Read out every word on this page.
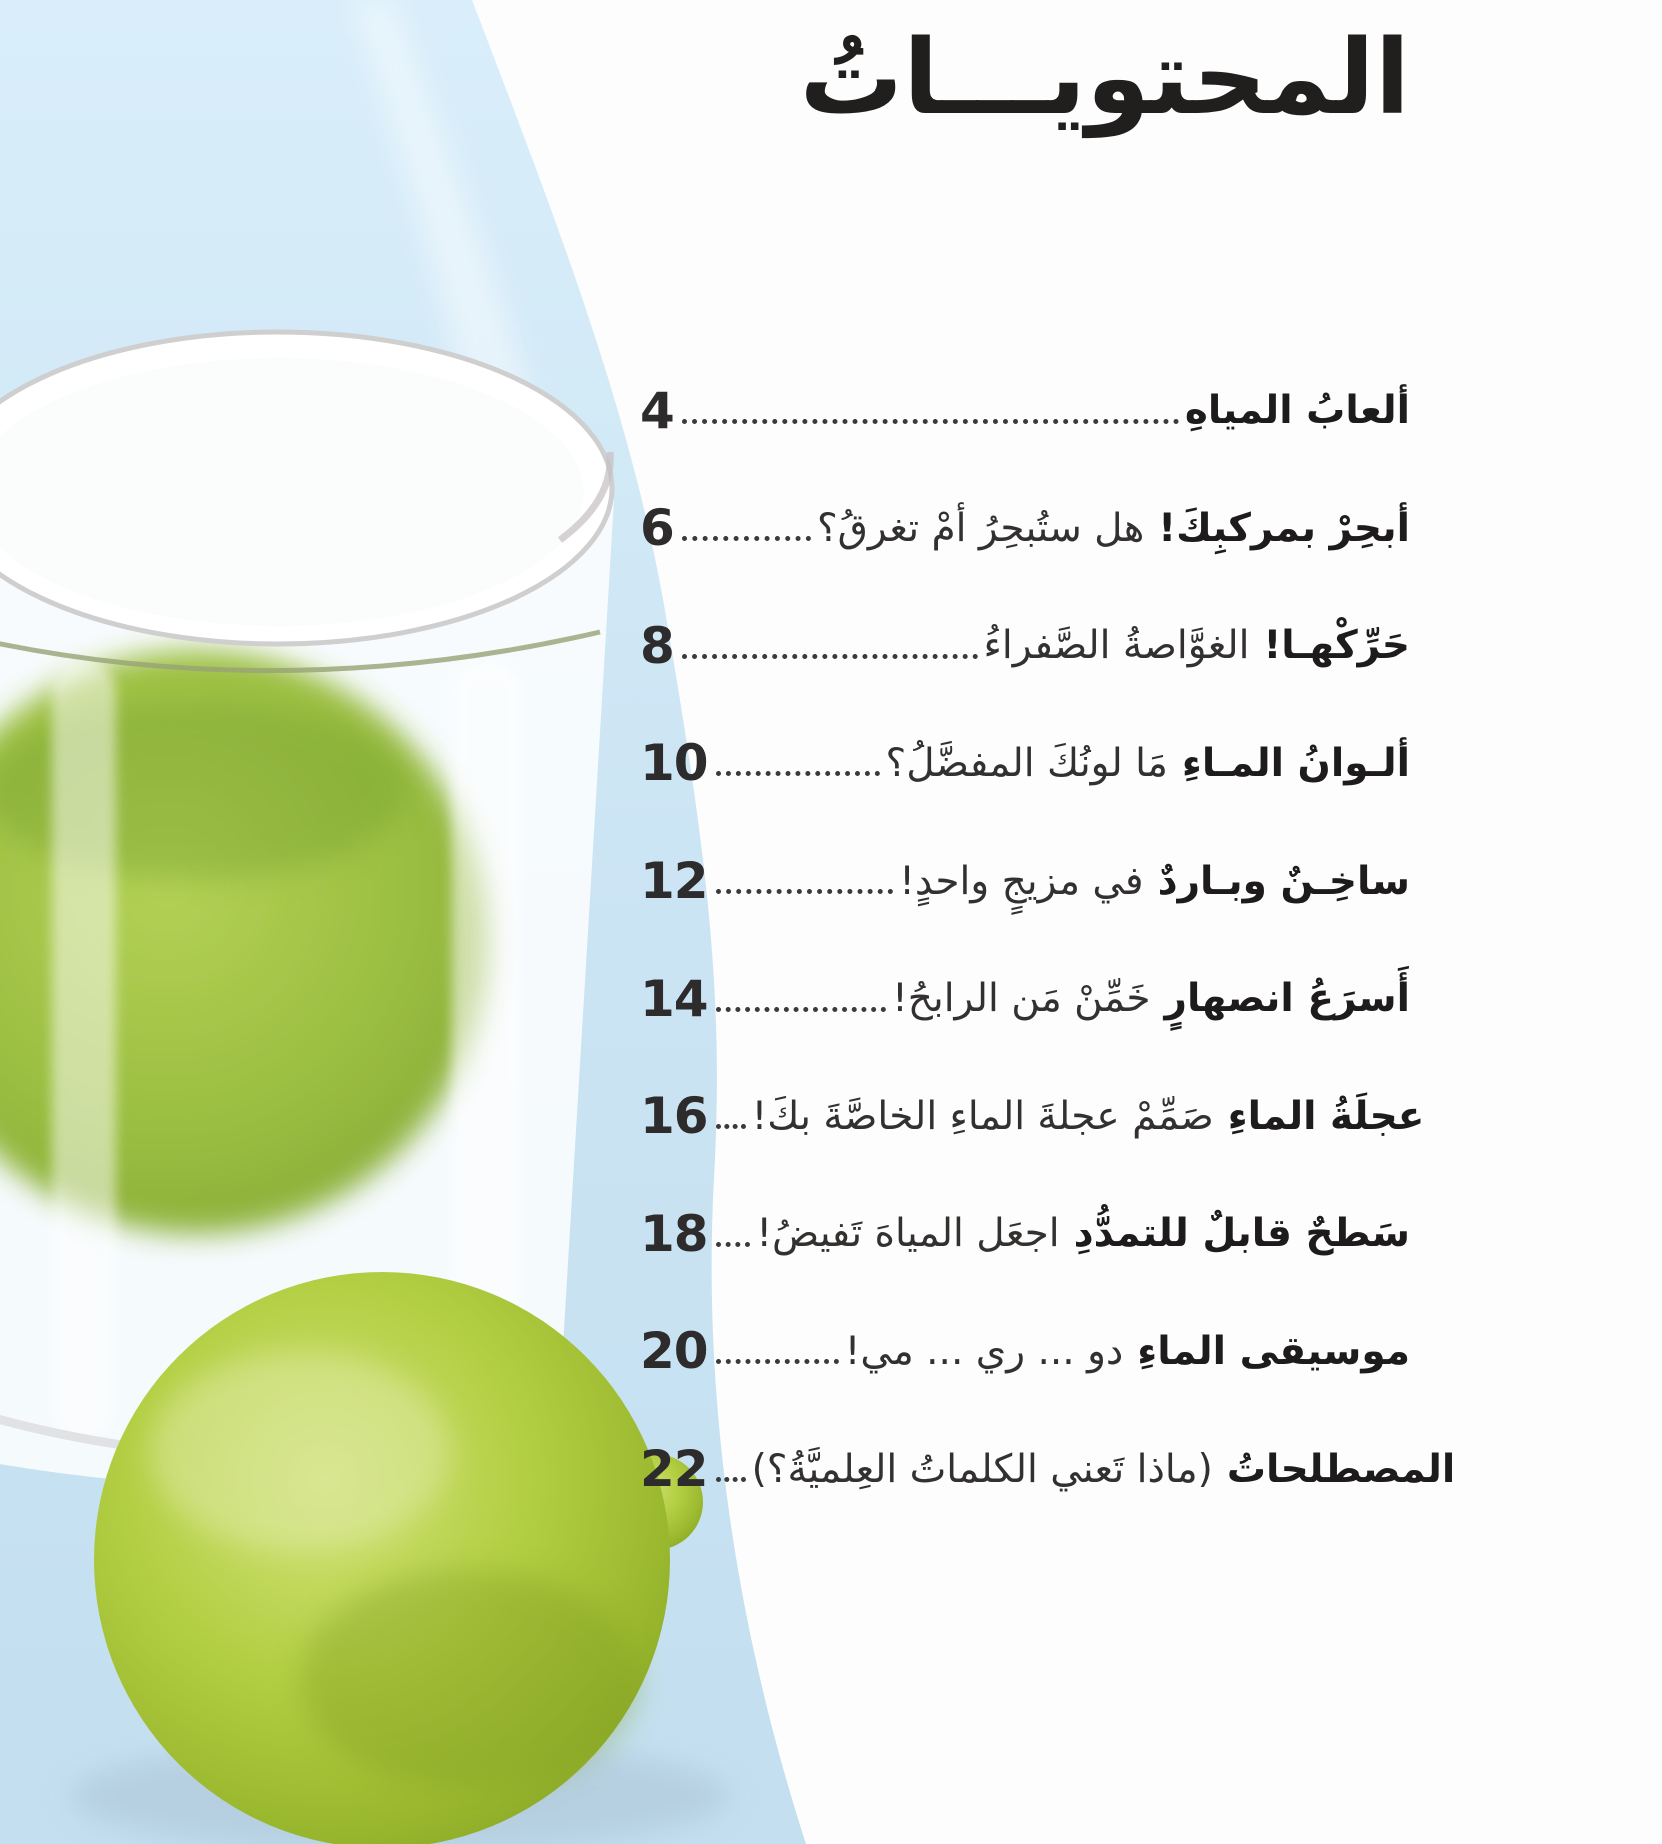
المحتويـــاتُ
4	ألعابُ المياهِ
6	أبحِرْ بمركبِكَ!هل ستُبحِرُ أمْ تغرقُ؟
8	حَرِّكْهـا!الغوَّاصةُ الصَّفراءُ
10	ألـوانُ المـاءِمَا لونُكَ المفضَّلُ؟
12	ساخِـنٌ وبـاردٌفي مزيجٍ واحدٍ!
14	أَسرَعُ انصهارٍخَمِّنْ مَن الرابحُ!
16	عجلَةُ الماءِصَمِّمْ عجلةَ الماءِ الخاصَّةَ بكَ!
18	سَطحٌ قابلٌ للتمدُّدِاجعَل المياهَ تَفيضُ!
20	موسيقى الماءِدو ... ري ... مي!
22	المصطلحاتُ(ماذا تَعني الكلماتُ العِلميَّةُ؟)
